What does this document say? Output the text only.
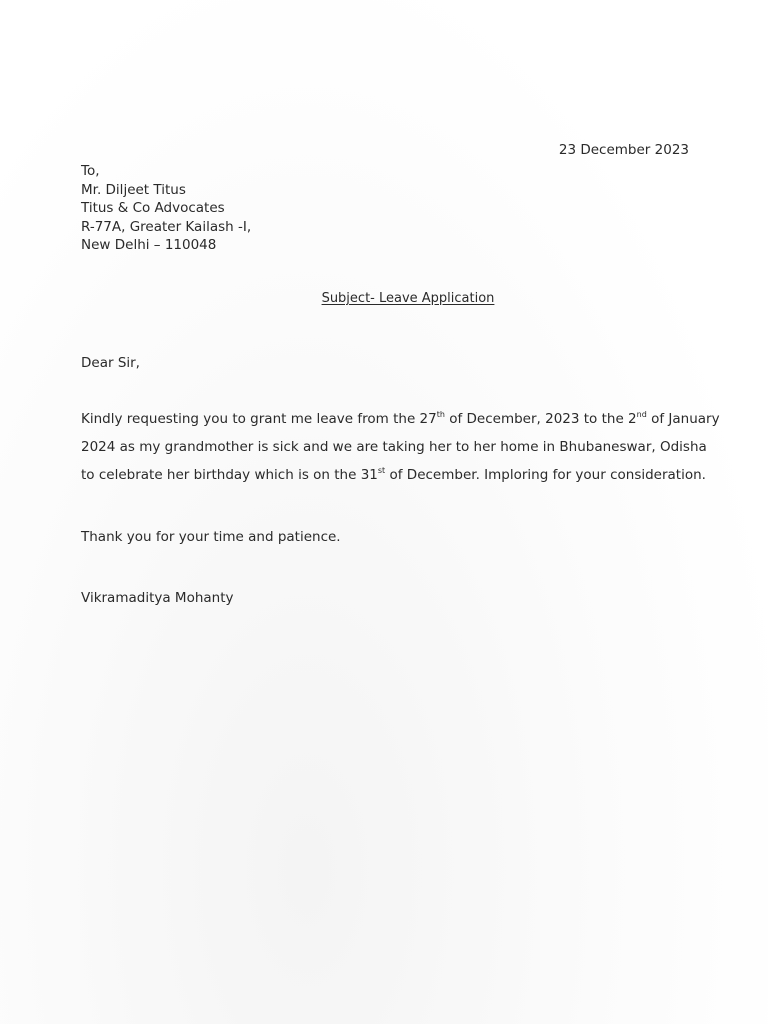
23 December 2023
To,
Mr. Diljeet Titus
Titus & Co Advocates
R-77A, Greater Kailash -I,
New Delhi – 110048
Subject- Leave Application
Dear Sir,
Kindly requesting you to grant me leave from the 27th of December, 2023 to the 2nd of January
2024 as my grandmother is sick and we are taking her to her home in Bhubaneswar, Odisha
to celebrate her birthday which is on the 31st of December. Imploring for your consideration.
Thank you for your time and patience.
Vikramaditya Mohanty
